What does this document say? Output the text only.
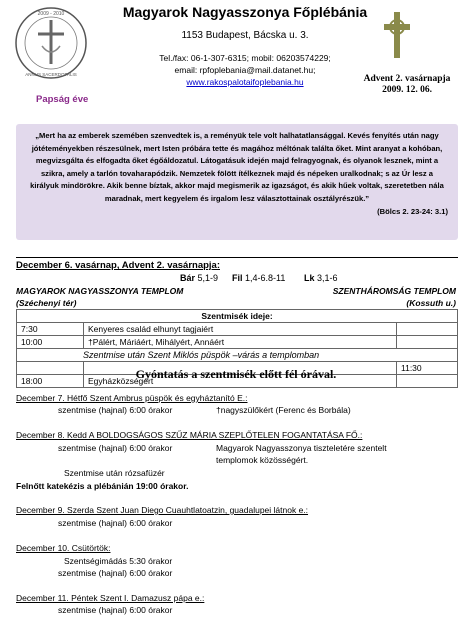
2009 - 2010
ANNUS SACERDOTALIS
Magyarok Nagyasszonya Főplébánia
1153 Budapest, Bácska u. 3.
Tel./fax: 06-1-307-6315; mobil: 06203574229;
email: rpfoplebania@mail.datanet.hu;
www.rakospalotaifoplebania.hu	Advent 2. vasárnapja
2009. 12. 06.
Papság éve
„Mert ha az emberek szemében szenvedtek is, a reményük tele volt halhatatlansággal. Kevés fenyítés után nagy jótéteményekben részesülnek, mert Isten próbára tette és magához méltónak találta őket. Mint aranyat a kohóban, megvizsgálta és elfogadta őket égőáldozatul. Látogatásuk idején majd felragyognak, és olyanok lesznek, mint a szikra, amely a tarlón tovaharapódzik. Nemzetek fölött ítélkeznek majd és népeken uralkodnak; s az Úr lesz a királyuk mindörökre. Akik benne bíztak, akkor majd megismerik az igazságot, és akik hűek voltak, szeretetben nála maradnak, mert kegyelem és irgalom lesz választottainak osztályrészük.”
(Bölcs 2. 23-24: 3.1)
December 6. vasárnap, Advent 2. vasárnapja:
Bár 5,1-9 Fil 1,4-6.8-11 Lk 3,1-6
MAGYAROK NAGYASSZONYA TEMPLOM	SZENTHÁROMSÁG TEMPLOM
(Széchenyi tér)	(Kossuth u.)
Szentmisék ideje:		
7:30	Kenyeres család elhunyt tagjaiért	
10:00	†Pálért, Máriáért, Mihályért, Annáért	
Szentmise után Szent Miklós püspök –várás a templomban		
		11:30
18:00	Egyházközségért	
Gyóntatás a szentmisék előtt fél órával.
December 7. Hétfő Szent Ambrus püspök és egyháztanító E.:
szentmise (hajnal) 6:00 órakor	†nagyszülőkért (Ferenc és Borbála)
December 8. Kedd A BOLDOGSÁGOS SZŰZ MÁRIA SZEPLŐTELEN FOGANTATÁSA FŐ.:
szentmise (hajnal) 6:00 órakor	Magyarok Nagyasszonya tiszteletére szentelt
templomok közösségért.
Szentmise után rózsafüzér
Felnőtt katekézis a plébánián 19:00 órakor.
December 9. Szerda Szent Juan Diego Cuauhtlatoatzin, guadalupei látnok e.:
szentmise (hajnal) 6:00 órakor
December 10. Csütörtök:
Szentségimádás 5:30 órakor
szentmise (hajnal) 6:00 órakor
December 11. Péntek Szent I. Damazusz pápa e.:
szentmise (hajnal) 6:00 órakor
